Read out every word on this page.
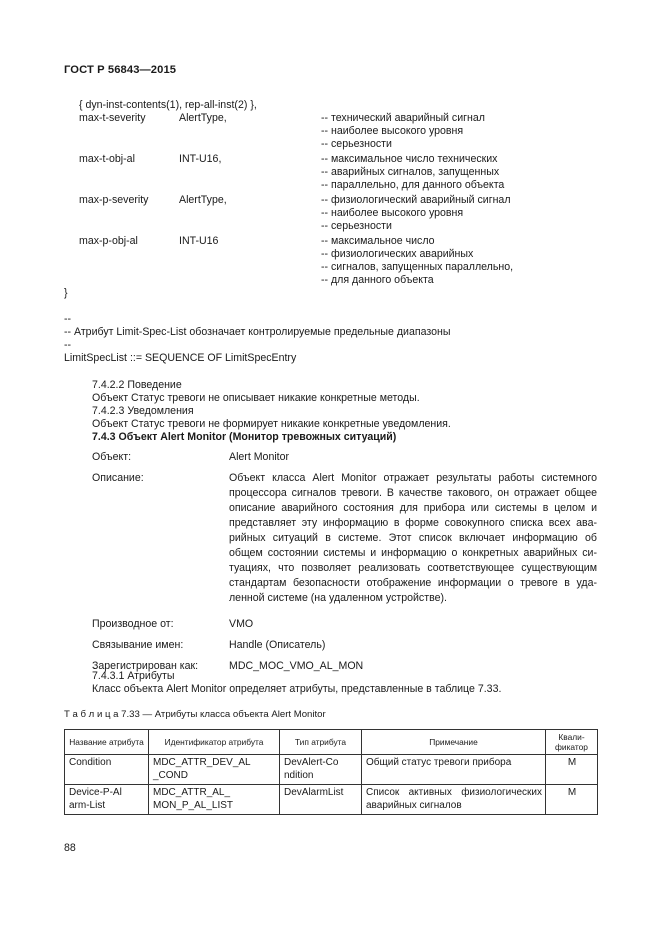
ГОСТ Р 56843—2015
{ dyn-inst-contents(1), rep-all-inst(2) },
max-t-severity	AlertType,	-- технический аварийный сигнал
-- наиболее высокого уровня
-- серьезности
max-t-obj-al	INT-U16,	-- максимальное число технических
-- аварийных сигналов, запущенных
-- параллельно, для данного объекта
max-p-severity	AlertType,	-- физиологический аварийный сигнал
-- наиболее высокого уровня
-- серьезности
max-p-obj-al	INT-U16	-- максимальное число
-- физиологических аварийных
-- сигналов, запущенных параллельно,
-- для данного объекта
}
--
-- Атрибут Limit-Spec-List обозначает контролируемые предельные диапазоны
--
LimitSpecList ::= SEQUENCE OF LimitSpecEntry
7.4.2.2 Поведение
Объект Статус тревоги не описывает никакие конкретные методы.
7.4.2.3 Уведомления
Объект Статус тревоги не формирует никакие конкретные уведомления.
7.4.3 Объект Alert Monitor (Монитор тревожных ситуаций)
Объект:	Alert Monitor
Описание:	Объект класса Alert Monitor отражает результаты работы системного
процессора сигналов тревоги. В качестве такового, он отражает общее
описание аварийного состояния для прибора или системы в целом и
представляет эту информацию в форме совокупного списка всех ава-
рийных ситуаций в системе. Этот список включает информацию об
общем состоянии системы и информацию о конкретных аварийных си-
туациях, что позволяет реализовать соответствующее существующим
стандартам безопасности отображение информации о тревоге в уда-
ленной системе (на удаленном устройстве).
Производное от:	VMO
Связывание имен:	Handle (Описатель)
Зарегистрирован как:	MDC_MOC_VMO_AL_MON
7.4.3.1 Атрибуты
Класс объекта Alert Monitor определяет атрибуты, представленные в таблице 7.33.
Т а б л и ц а 7.33 — Атрибуты класса объекта Alert Monitor
Название атрибута	Идентификатор атрибута	Тип атрибута	Примечание	Квали-фикатор
Condition	MDC_ATTR_DEV_AL_COND	DevAlert-Condition	Общий статус тревоги прибора	M
Device-P-Alarm-List	MDC_ATTR_AL_MON_P_AL_LIST	DevAlarmList	Список активных физиологических аварийных сигналов	M
88
